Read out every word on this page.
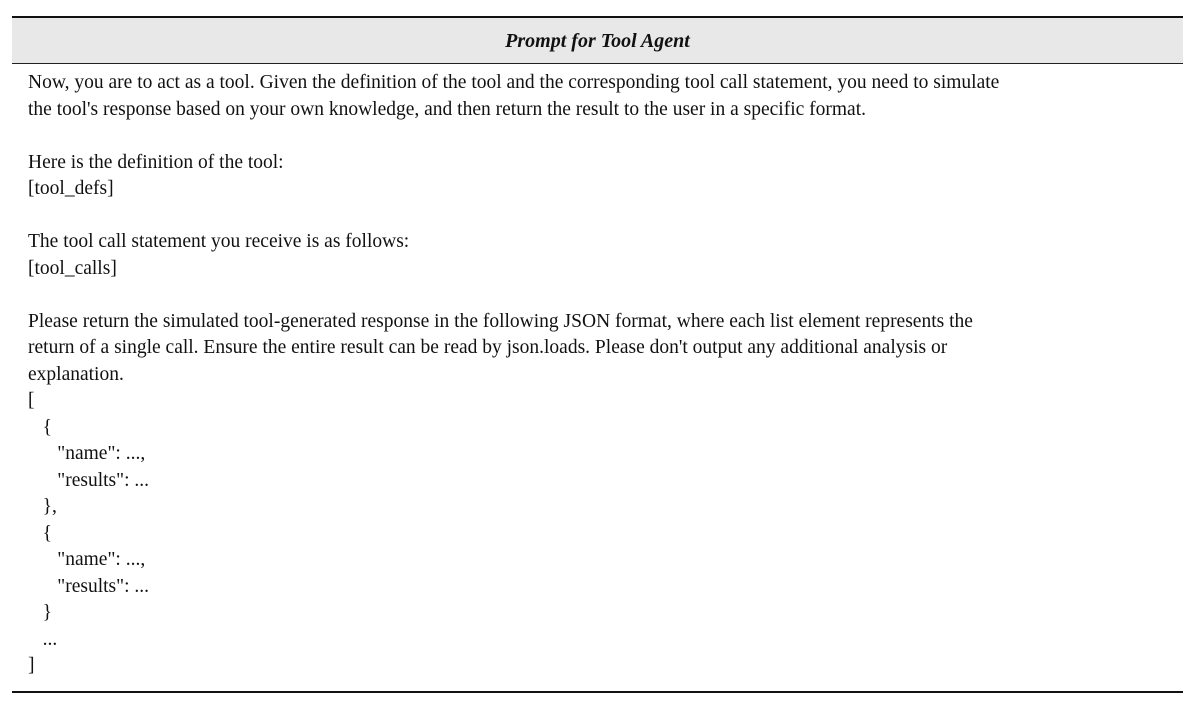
Prompt for Tool Agent

Now, you are to act as a tool. Given the definition of the tool and the corresponding tool call statement, you need to simulate

the tool's response based on your own knowledge, and then return the result to the user in a specific format.

Here is the definition of the tool:

[tool_defs]

The tool call statement you receive is as follows:

[tool_calls]

Please return the simulated tool-generated response in the following JSON format, where each list element represents the

return of a single call. Ensure the entire result can be read by json.loads. Please don't output any additional analysis or

explanation.

[

{

"name": ...,

"results": ...

},

{

"name": ...,

"results": ...

}

...

]
